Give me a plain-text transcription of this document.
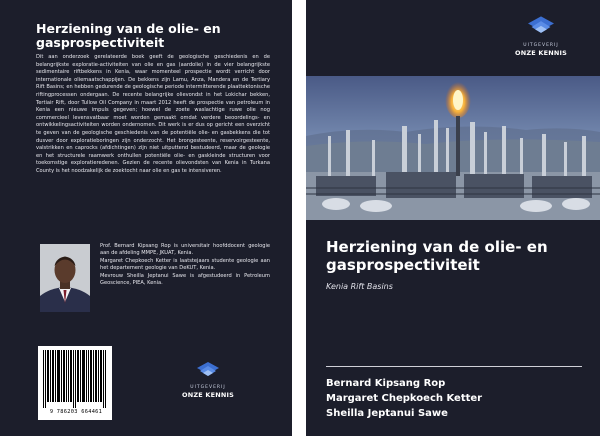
Herziening van de olie- en gasprospectiviteit
Dit aan onderzoek gerelateerde boek geeft de geologische geschiedenis en de belangrijkste exploratie-activiteiten van olie en gas (aardolie) in de vier belangrijkste sedimentaire riftbekkens in Kenia, waar momenteel prospectie wordt verricht door internationale oliemaatschappijen. De bekkens zijn Lamu, Anza, Mandera en de Tertiary Rift Basins; en hebben gedurende de geologische periode intermitterende plaattektonische riftingprocessen ondergaan. De recente belangrijke olievondst in het Lokichar bekken, Tertiair Rift, door Tullow Oil Company in maart 2012 heeft de prospectie van petroleum in Kenia een nieuwe impuls gegeven; hoewel de zoete waslachtige ruwe olie nog commercieel levensvatbaar moet worden gemaakt omdat verdere beoordelings- en ontwikkelingsactiviteiten worden ondernomen. Dit werk is er dus op gericht een overzicht te geven van de geologische geschiedenis van de potentiële olie- en gasbekkens die tot dusver door exploratieboringen zijn onderzocht. Het brongesteente, reservoirgesteente, valstrikken en caprocks (afdichtingen) zijn niet uitputtend bestudeerd, maar de geologie en het structurele raamwerk onthullen potentiële olie- en gaskleinde structuren voor toekomstige exploratieredenen. Gezien de recente olievondsten van Kenia in Turkana County is het noodzakelijk de zoektocht naar olie en gas te intensiveren.

Prof. Bernard Kipsang Rop is universitair hoofddocent geologie aan de afdeling MMPE, JKUAT, Kenia.

Margaret Chepkoech Ketter is laatstejaars studente geologie aan het departement geologie van DeKUT, Kenia.

Mevrouw Sheilla Jeptanui Sawe is afgestudeerd in Petroleum Geoscience, PIEA, Kenia.

UITGEVERIJ
ONZE KENNIS
9 786203 664461
UITGEVERIJ
ONZE KENNIS
Herziening van de olie- en gasprospectiviteit
Kenia Rift Basins
Bernard Kipsang Rop
Margaret Chepkoech Ketter
Sheilla Jeptanui Sawe
